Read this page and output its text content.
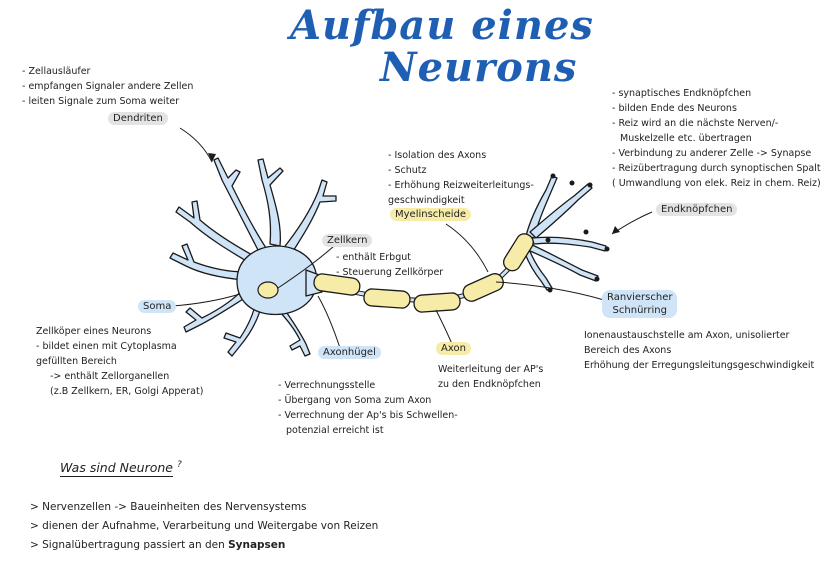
Aufbau eines
Neurons
- Zellausläufer
- empfangen Signaler andere Zellen
- leiten Signale zum Soma weiter
Dendriten
Soma
Zellköper eines Neurons
- bildet einen mit Cytoplasma
gefüllten Bereich
-> enthält Zellorganellen
(z.B Zellkern, ER, Golgi Apperat)
Zellkern
- enthält Erbgut
- Steuerung Zellkörper
- Isolation des Axons
- Schutz
- Erhöhung Reizweiterleitungs-
geschwindigkeit
Myelinscheide
- synaptisches Endknöpfchen
- bilden Ende des Neurons
- Reiz wird an die nächste Nerven/-
Muskelzelle etc. übertragen
- Verbindung zu anderer Zelle -> Synapse
- Reizübertragung durch synoptischen Spalt
( Umwandlung von elek. Reiz in chem. Reiz)
Endknöpfchen
Ranvierscher
Schnürring
Ionenaustauschstelle am Axon, unisolierter
Bereich des Axons
Erhöhung der Erregungsleitungsgeschwindigkeit
Axonhügel
- Verrechnungsstelle
- Übergang von Soma zum Axon
- Verrechnung der Ap's bis Schwellen-
potenzial erreicht ist
Axon
Weiterleitung der AP's
zu den Endknöpfchen
Was sind Neurone ?
> Nervenzellen -> Baueinheiten des Nervensystems
> dienen der Aufnahme, Verarbeitung und Weitergabe von Reizen
> Signalübertragung passiert an den Synapsen
